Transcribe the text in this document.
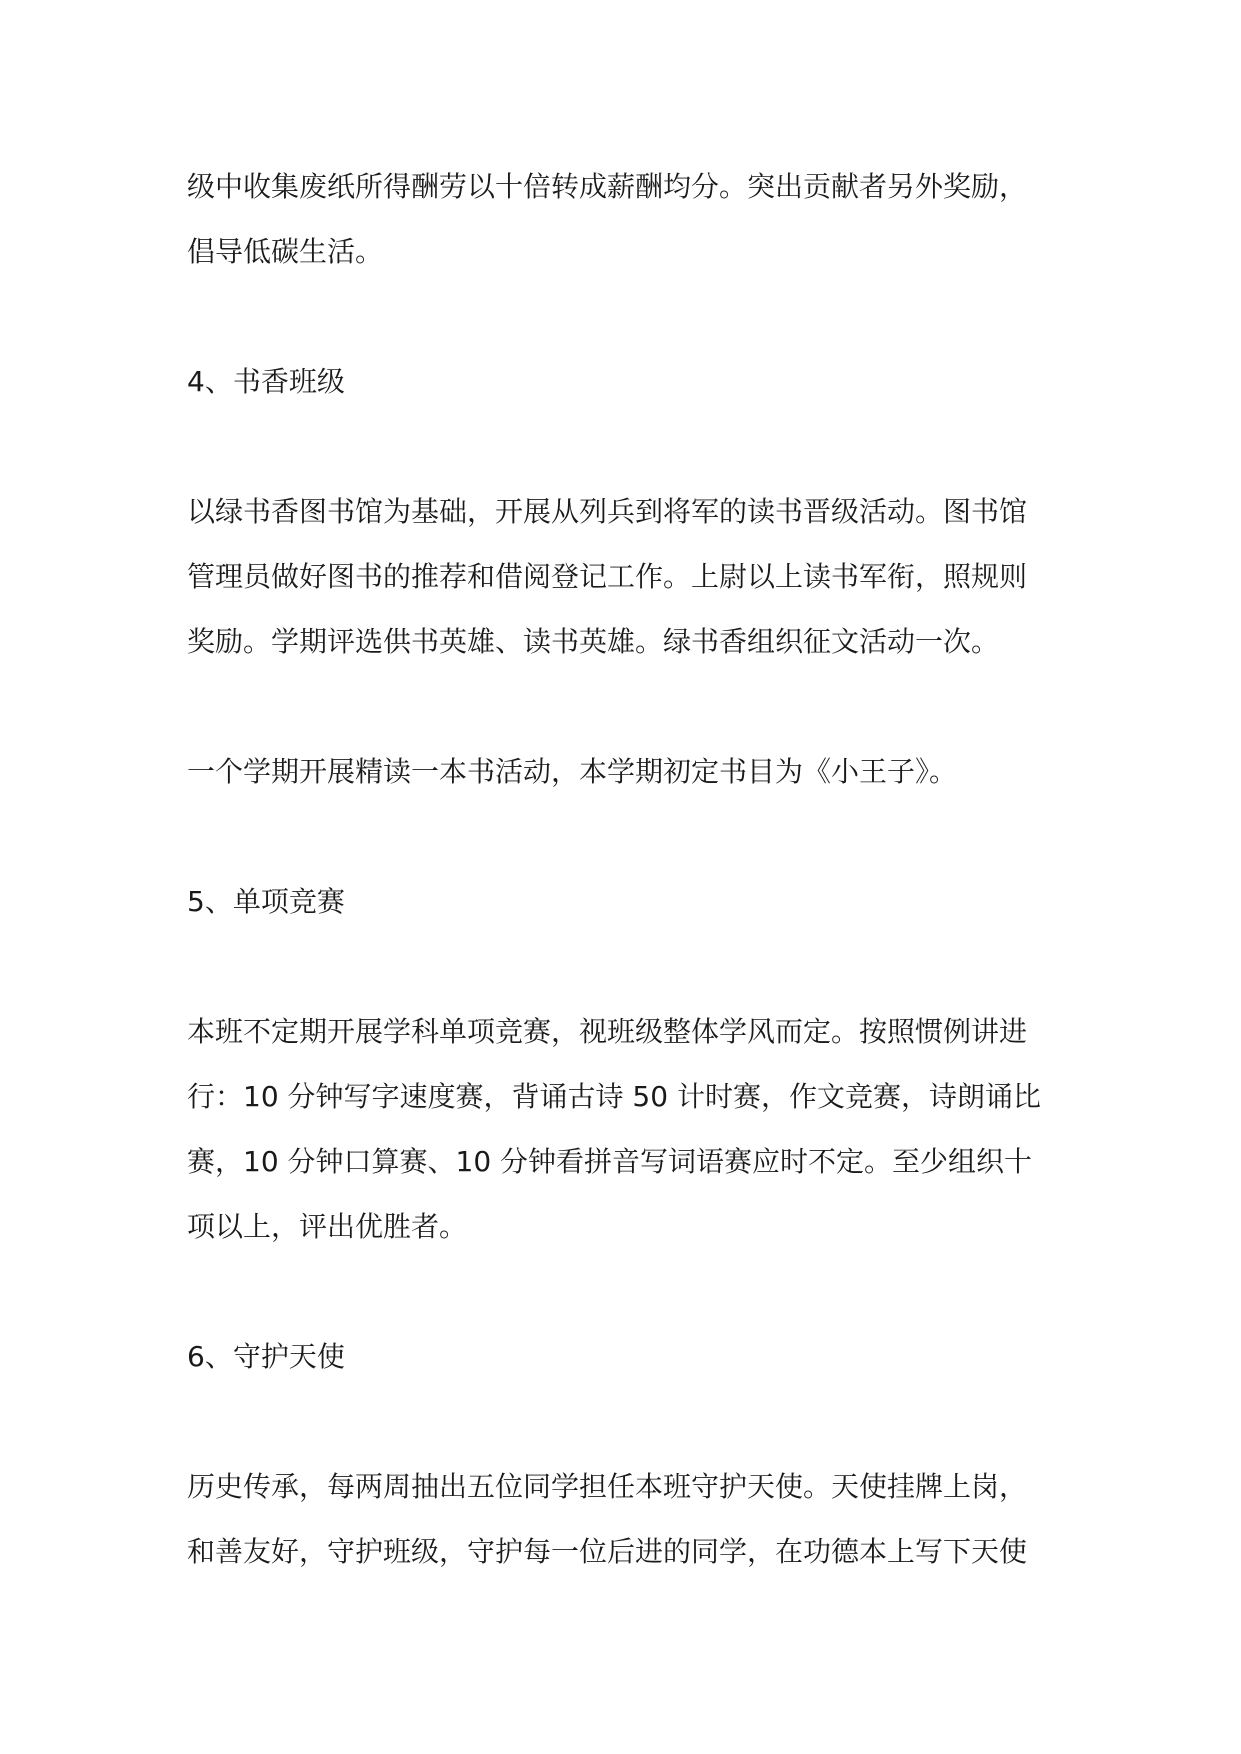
级中收集废纸所得酬劳以十倍转成薪酬均分。突出贡献者另外奖励，
倡导低碳生活。

4、书香班级

以绿书香图书馆为基础，开展从列兵到将军的读书晋级活动。图书馆
管理员做好图书的推荐和借阅登记工作。上尉以上读书军衔，照规则
奖励。学期评选供书英雄、读书英雄。绿书香组织征文活动一次。

一个学期开展精读一本书活动，本学期初定书目为《小王子》。

5、单项竞赛

本班不定期开展学科单项竞赛，视班级整体学风而定。按照惯例讲进
行：10 分钟写字速度赛，背诵古诗 50 计时赛，作文竞赛，诗朗诵比
赛，10 分钟口算赛、10 分钟看拼音写词语赛应时不定。至少组织十
项以上，评出优胜者。

6、守护天使

历史传承，每两周抽出五位同学担任本班守护天使。天使挂牌上岗，
和善友好，守护班级，守护每一位后进的同学，在功德本上写下天使
